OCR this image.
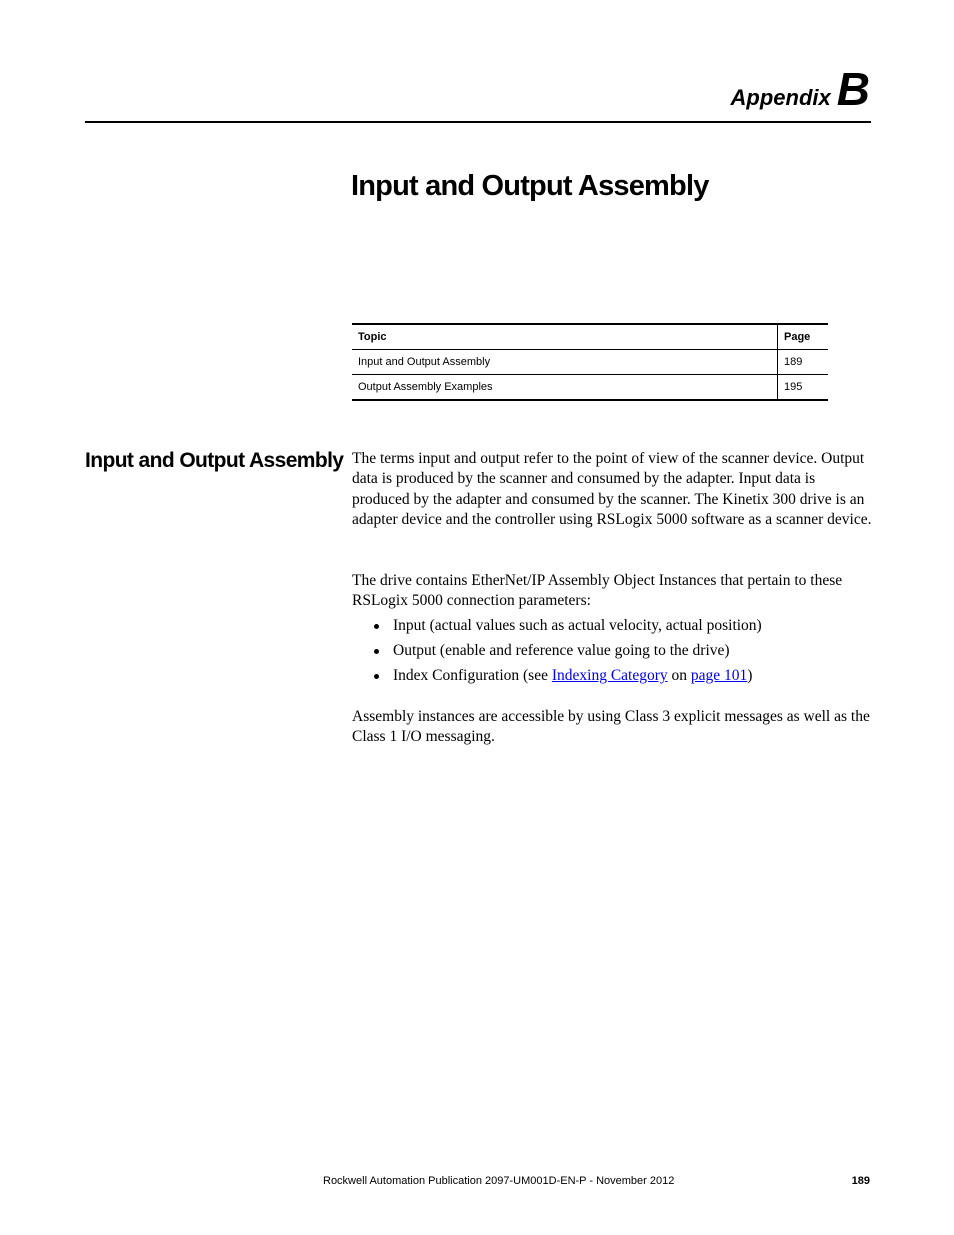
Appendix B
Input and Output Assembly
Topic	Page
Input and Output Assembly	189
Output Assembly Examples	195
Input and Output Assembly The terms input and output refer to the point of view of the scanner device. Output data is produced by the scanner and consumed by the adapter. Input data is produced by the adapter and consumed by the scanner. The Kinetix 300 drive is an adapter device and the controller using RSLogix 5000 software as a scanner device.

The drive contains EtherNet/IP Assembly Object Instances that pertain to these RSLogix 5000 connection parameters:

Input (actual values such as actual velocity, actual position)
Output (enable and reference value going to the drive)
Index Configuration (see Indexing Category on page 101)

Assembly instances are accessible by using Class 3 explicit messages as well as the Class 1 I/O messaging.

Rockwell Automation Publication 2097-UM001D-EN-P - November 2012	189
